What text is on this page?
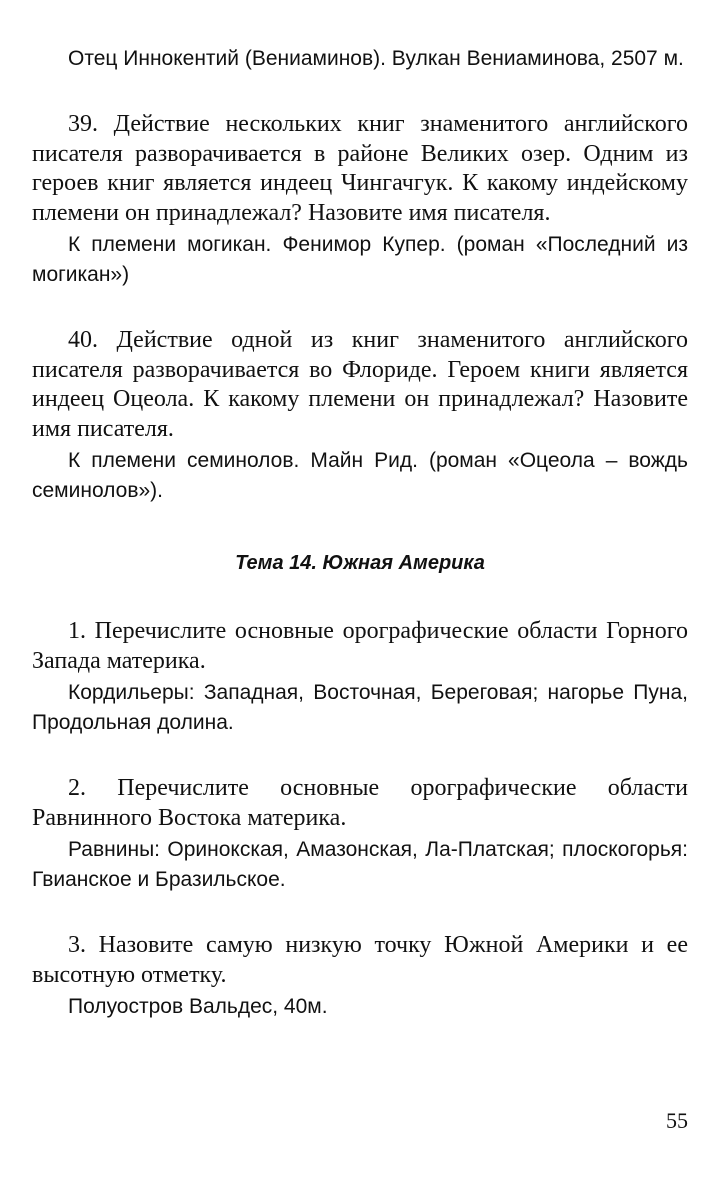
Отец Иннокентий (Вениаминов). Вулкан Вениаминова, 2507 м.

39. Действие нескольких книг знаменитого английского писателя разворачивается в районе Великих озер. Одним из героев книг является индеец Чингачгук. К какому индейскому племени он принадлежал? Назовите имя писателя.

К племени могикан. Фенимор Купер. (роман «Последний из могикан»)

40. Действие одной из книг знаменитого английского писателя разворачивается во Флориде. Героем книги является индеец Оцеола. К какому племени он принадлежал? Назовите имя писателя.

К племени семинолов. Майн Рид. (роман «Оцеола – вождь семинолов»).

Тема 14. Южная Америка

1. Перечислите основные орографические области Горного Запада материка.

Кордильеры: Западная, Восточная, Береговая; нагорье Пуна, Продольная долина.

2. Перечислите основные орографические области Равнинного Востока материка.

Равнины: Оринокская, Амазонская, Ла-Платская; плоскогорья: Гвианское и Бразильское.

3. Назовите самую низкую точку Южной Америки и ее высотную отметку.

Полуостров Вальдес, 40м.

55
